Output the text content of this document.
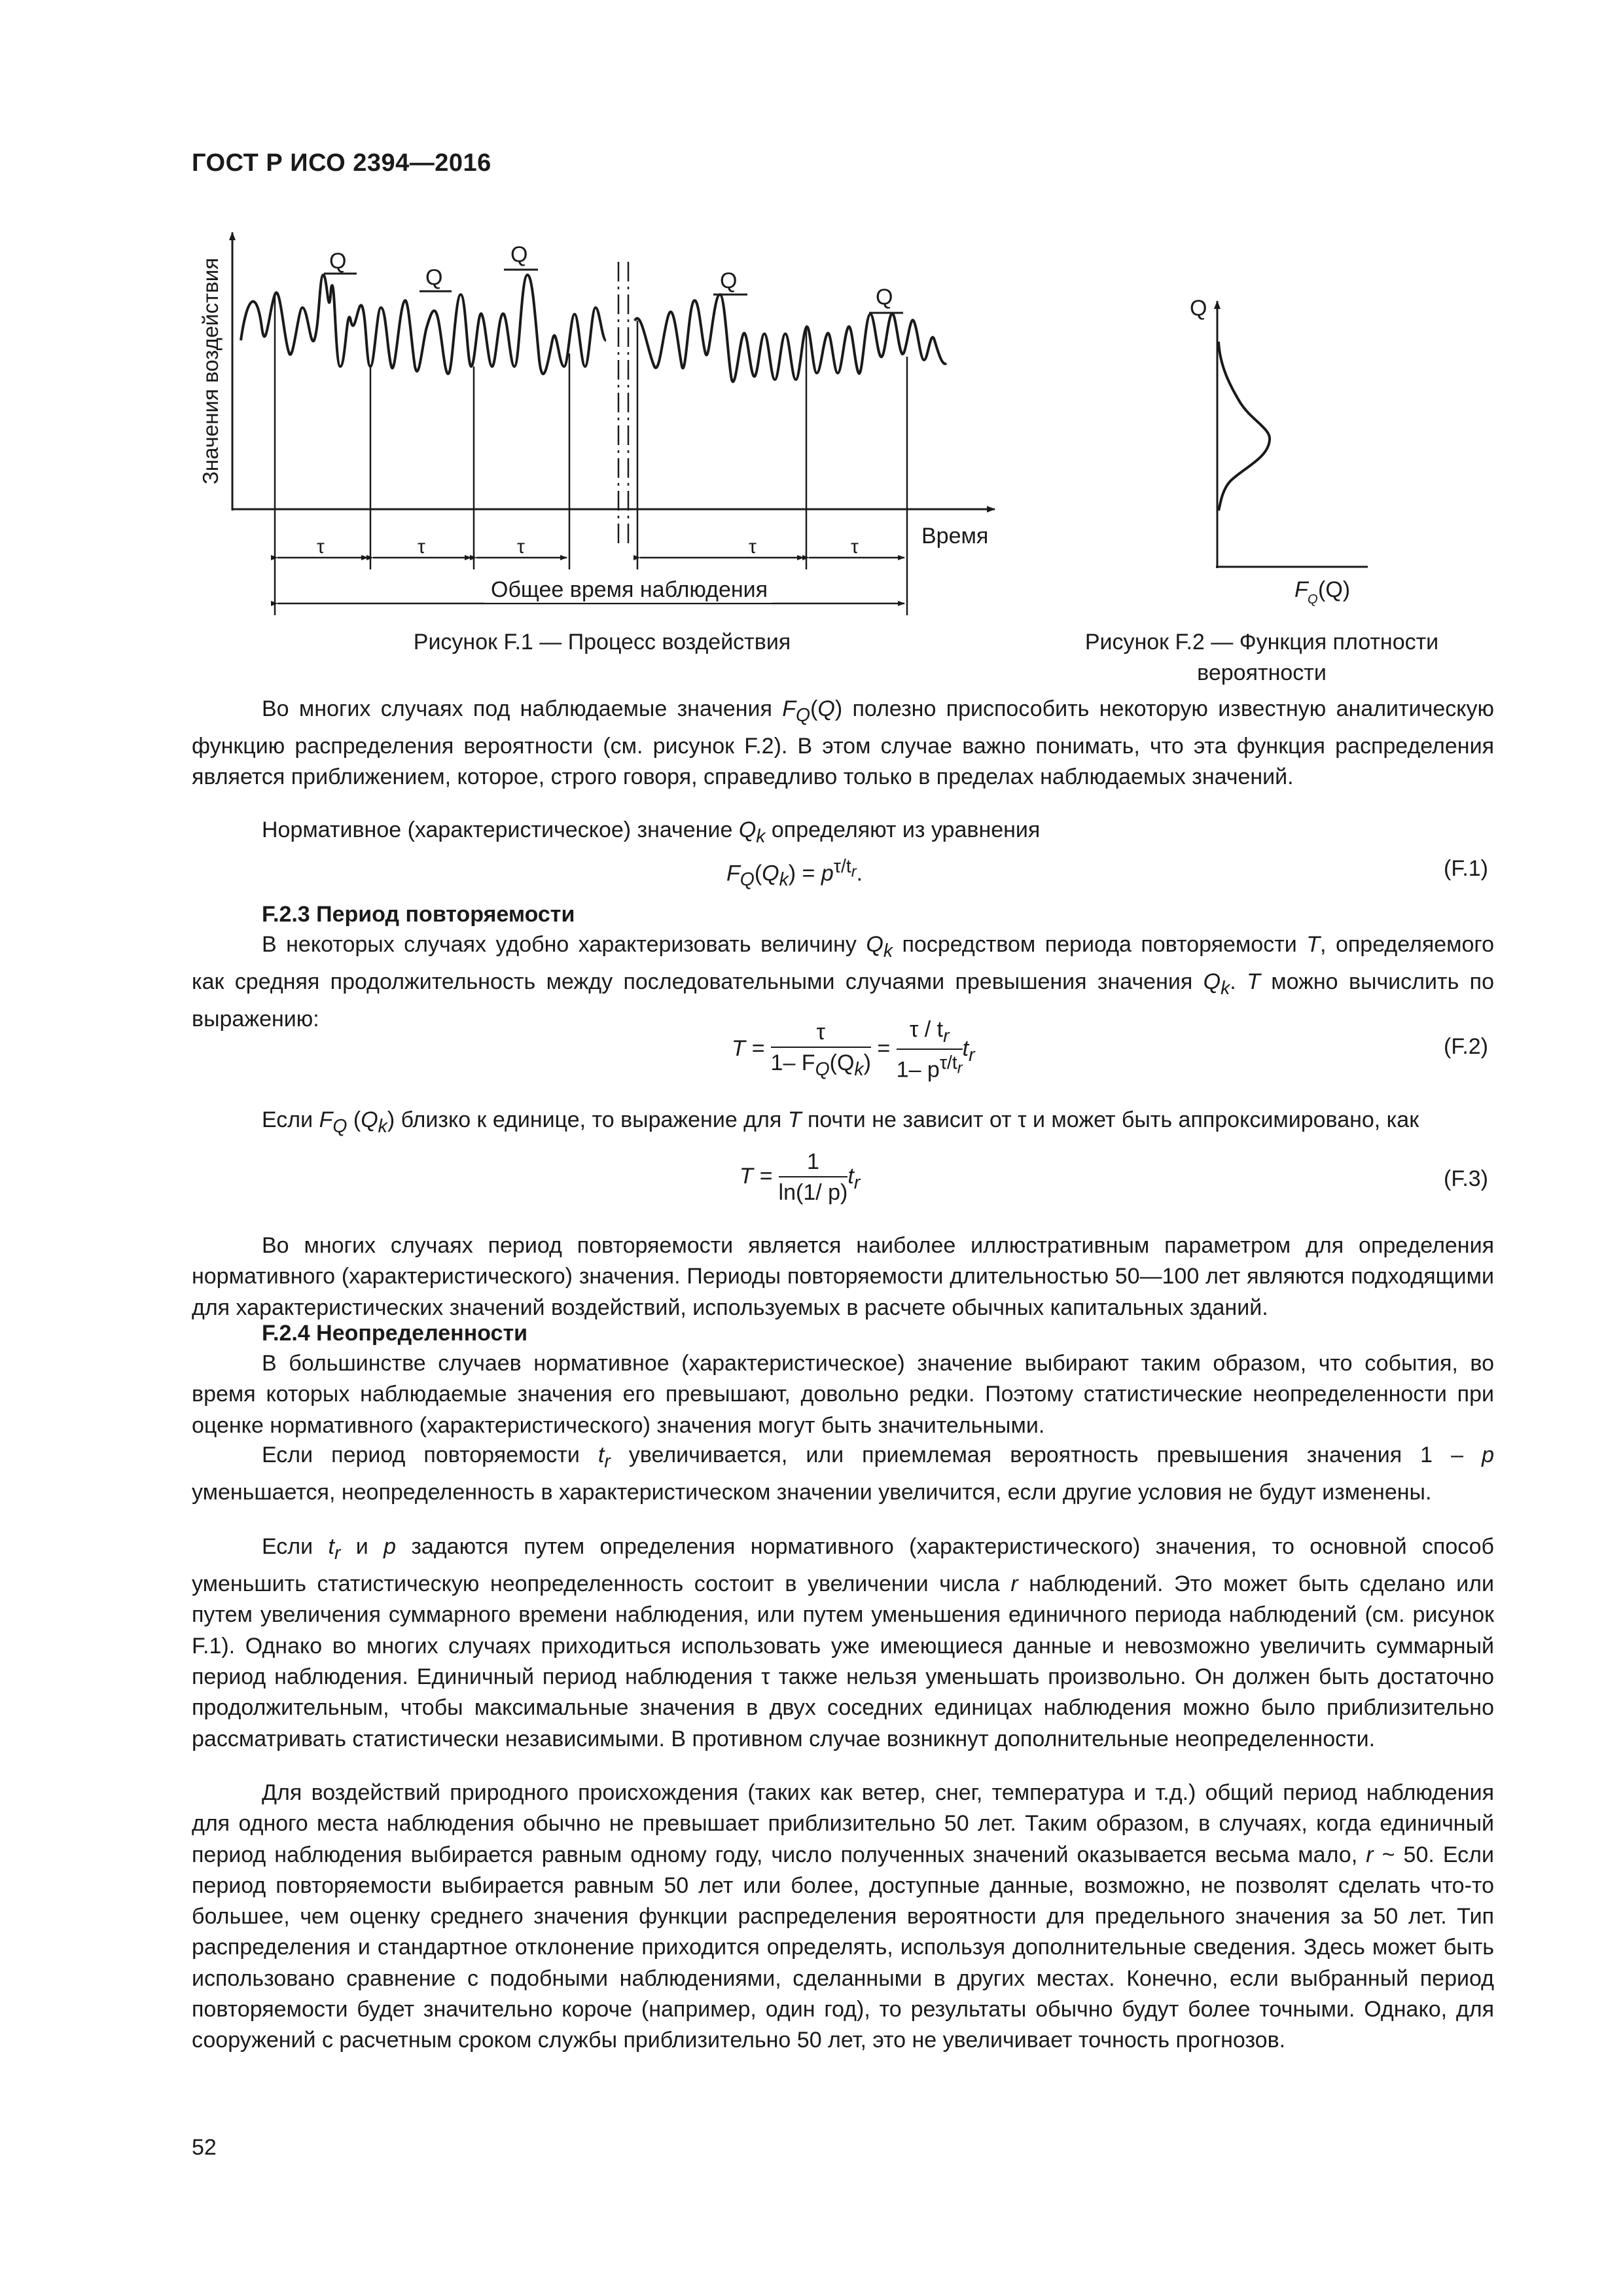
ГОСТ Р ИСО 2394—2016
Значения воздействия
Время
Q
Q
Q
Q
Q
τ	τ	τ	τ	τ
Общее время наблюдения
Q
F Q (Q)
Рисунок F.1 — Процесс воздействия	Рисунок F.2 — Функция плотности
вероятности
Во многих случаях под наблюдаемые значения $F_Q(Q)$ полезно приспособить некоторую известную аналитическую функцию распределения вероятности (см. рисунок F.2). В этом случае важно понимать, что эта функция распределения является приближением, которое, строго говоря, справедливо только в пределах наблюдаемых значений.
Нормативное (характеристическое) значение $Q_k$ определяют из уравнения
$F_Q(Q_k) = p^{\tau/t_r}$.	(F.1)
F.2.3 Период повторяемости
В некоторых случаях удобно характеризовать величину $Q_k$ посредством периода повторяемости T, определяемого как средняя продолжительность между последовательными случаями превышения значения $Q_k$. T можно вычислить по выражению:
$T = \frac{\tau}{1- F_Q(Q_k)} = \frac{\tau / t_r}{1- p^{\tau/t_r}} t_r$	(F.2)
Если $F_Q$ $(Q_k)$ близко к единице, то выражение для T почти не зависит от τ и может быть аппроксимировано, как
$T = \frac{1}{\ln(1/ p)} t_r$	(F.3)
Во многих случаях период повторяемости является наиболее иллюстративным параметром для определения нормативного (характеристического) значения. Периоды повторяемости длительностью 50—100 лет являются подходящими для характеристических значений воздействий, используемых в расчете обычных капитальных зданий.
F.2.4 Неопределенности
В большинстве случаев нормативное (характеристическое) значение выбирают таким образом, что события, во время которых наблюдаемые значения его превышают, довольно редки. Поэтому статистические неопределенности при оценке нормативного (характеристического) значения могут быть значительными.
Если период повторяемости $t_r$ увеличивается, или приемлемая вероятность превышения значения 1 – p уменьшается, неопределенность в характеристическом значении увеличится, если другие условия не будут изменены.
Если $t_r$ и p задаются путем определения нормативного (характеристического) значения, то основной способ уменьшить статистическую неопределенность состоит в увеличении числа r наблюдений. Это может быть сделано или путем увеличения суммарного времени наблюдения, или путем уменьшения единичного периода наблюдений (см. рисунок F.1). Однако во многих случаях приходиться использовать уже имеющиеся данные и невозможно увеличить суммарный период наблюдения. Единичный период наблюдения τ также нельзя уменьшать произвольно. Он должен быть достаточно продолжительным, чтобы максимальные значения в двух соседних единицах наблюдения можно было приблизительно рассматривать статистически независимыми. В противном случае возникнут дополнительные неопределенности.
Для воздействий природного происхождения (таких как ветер, снег, температура и т.д.) общий период наблюдения для одного места наблюдения обычно не превышает приблизительно 50 лет. Таким образом, в случаях, когда единичный период наблюдения выбирается равным одному году, число полученных значений оказывается весьма мало, r ~ 50. Если период повторяемости выбирается равным 50 лет или более, доступные данные, возможно, не позволят сделать что-то большее, чем оценку среднего значения функции распределения вероятности для предельного значения за 50 лет. Тип распределения и стандартное отклонение приходится определять, используя дополнительные сведения. Здесь может быть использовано сравнение с подобными наблюдениями, сделанными в других местах. Конечно, если выбранный период повторяемости будет значительно короче (например, один год), то результаты обычно будут более точными. Однако, для сооружений с расчетным сроком службы приблизительно 50 лет, это не увеличивает точность прогнозов.
52
